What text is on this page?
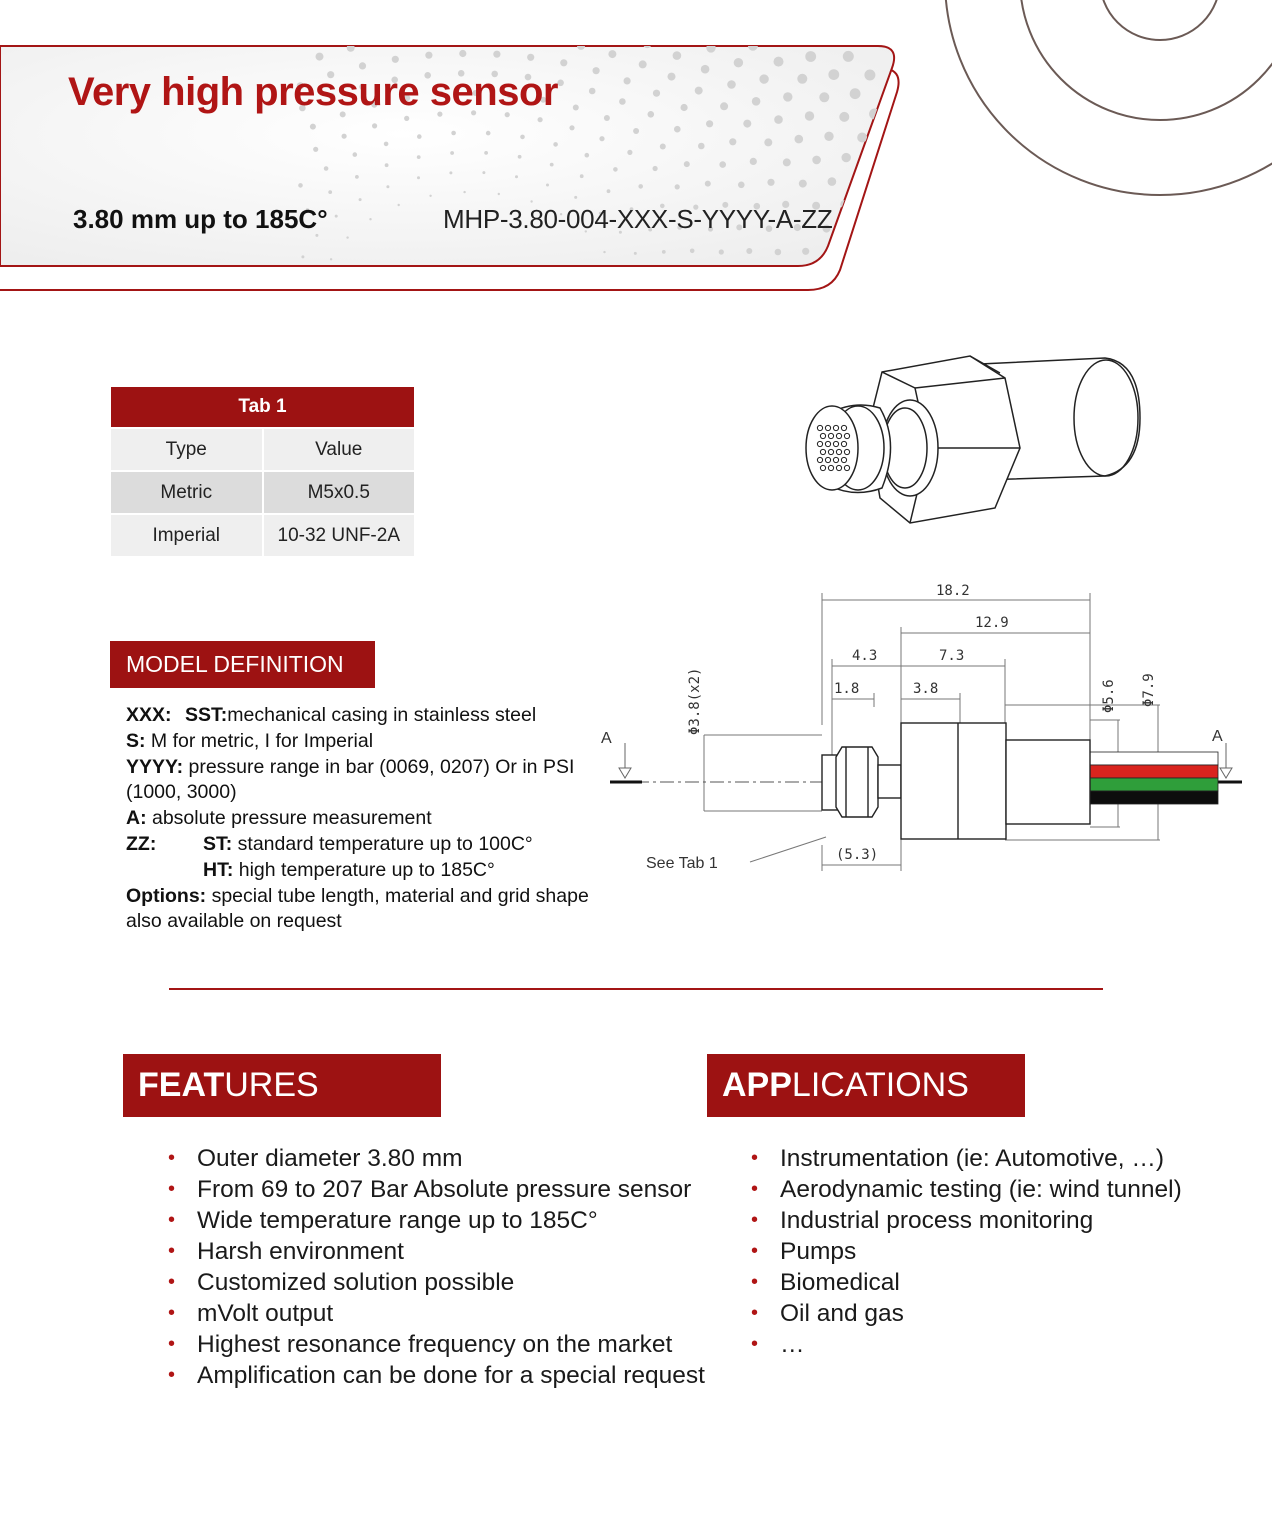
Very high pressure sensor
3.80 mm up to 185C°	MHP-3.80-004-XXX-S-YYYY-A-ZZ
Tab 1	
Type	Value
Metric	M5x0.5
Imperial	10-32 UNF-2A
MODEL DEFINITION
XXX: SST:mechanical casing in stainless steel
S: M for metric, I for Imperial
YYYY: pressure range in bar (0069, 0207) Or in PSI
(1000, 3000)
A: absolute pressure measurement
ZZ: ST: standard temperature up to 100C°
HT: high temperature up to 185C°
Options: special tube length, material and grid shape
also available on request
18.2
12.9
4.3	7.3
1.8	3.8
(5.3)
Φ3.8(x2)	Φ5.6 Φ7.9
A	A
See Tab 1
FEAT URES
• Outer diameter 3.80 mm
• From 69 to 207 Bar Absolute pressure sensor
• Wide temperature range up to 185C°
• Harsh environment
• Customized solution possible
• mVolt output
• Highest resonance frequency on the market
• Amplification can be done for a special request
APP LICATIONS
• Instrumentation (ie: Automotive, …)
• Aerodynamic testing (ie: wind tunnel)
• Industrial process monitoring
• Pumps
• Biomedical
• Oil and gas
• …
